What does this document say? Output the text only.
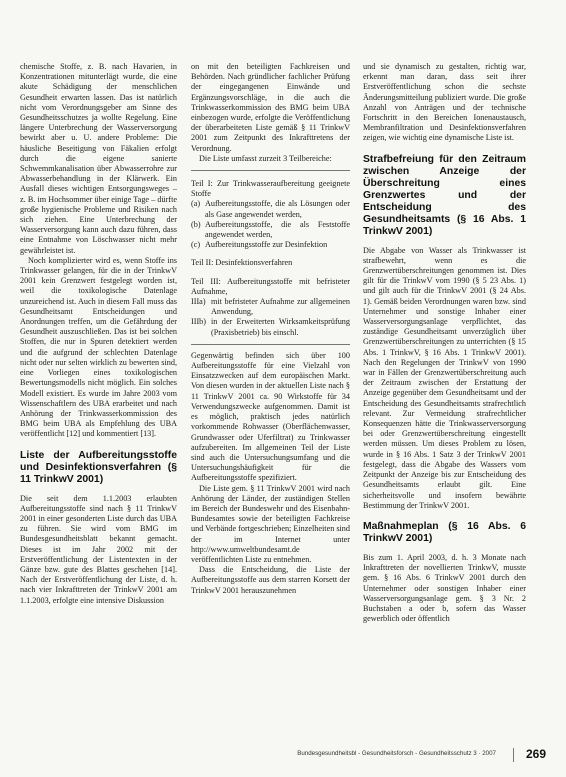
chemische Stoffe, z. B. nach Havarien, in Konzentrationen mitunterlägt wurde, die eine akute Schädigung der menschlichen Gesundheit erwarten lassen. Das ist natürlich nicht vom Verordnungsgeber am Sinne des Gesundheitsschutzes ja wollte Regelung. Eine längere Unterbrechung der Wasserversorgung bewirkt aber u. U. andere Probleme: Die häusliche Beseitigung von Fäkalien erfolgt durch die eigene sanierte Schwemmkanalisation über Abwasserrohre zur Abwasserbehandlung in der Klärwerk. Ein Ausfall dieses wichtigen Entsorgungsweges – z. B. im Hochsommer über einige Tage – dürfte große hygienische Probleme und Risiken nach sich ziehen. Eine Unterbrechung der Wasserversorgung kann auch dazu führen, dass eine Entnahme von Löschwasser nicht mehr gewährleistet ist.

Noch komplizierter wird es, wenn Stoffe ins Trinkwasser gelangen, für die in der TrinkwV 2001 kein Grenzwert festgelegt worden ist, weil die toxikologische Datenlage unzureichend ist. Auch in diesem Fall muss das Gesundheitsamt Entscheidungen und Anordnungen treffen, um die Gefährdung der Gesundheit auszuschließen. Das ist bei solchen Stoffen, die nur in Spuren detektiert werden und die aufgrund der schlechten Datenlage nicht oder nur selten wirklich zu bewerten sind, eine Vorliegen eines toxikologischen Bewertungsmodells nicht möglich. Ein solches Modell existiert. Es wurde im Jahre 2003 vom Wissenschaftlern des UBA erarbeitet und nach Anhörung der Trinkwasserkommission des BMG beim UBA als Empfehlung des UBA veröffentlicht [12] und kommentiert [13].

Liste der Aufbereitungsstoffe und Desinfektionsverfahren (§ 11 TrinkwV 2001)

Die seit dem 1.1.2003 erlaubten Aufbereitungsstoffe sind nach § 11 TrinkwV 2001 in einer gesonderten Liste durch das UBA zu führen. Sie wird vom BMG im Bundesgesundheitsblatt bekannt gemacht. Dieses ist im Jahr 2002 mit der Erstveröffentlichung der Listentexten in der Gänze bzw. gute des Blattes geschehen [14]. Nach der Erstveröffentlichung der Liste, d. h. nach vier Inkrafttreten der TrinkwV 2001 am 1.1.2003, erfolgte eine intensive Diskussion

on mit den beteiligten Fachkreisen und Behörden. Nach gründlicher fachlicher Prüfung der eingegangenen Einwände und Ergänzungsvorschläge, in die auch die Trinkwasserkommission des BMG beim UBA einbezogen wurde, erfolgte die Veröffentlichung der überarbeiteten Liste gemäß § 11 TrinkwV 2001 zum Zeitpunkt des Inkrafttretens der Verordnung.

Die Liste umfasst zurzeit 3 Teilbereiche:

Teil I: Zur Trinkwasseraufbereitung geeignete Stoffe

(a) Aufbereitungsstoffe, die als Lösungen oder als Gase angewendet werden,
(b) Aufbereitungsstoffe, die als Feststoffe angewendet werden,
(c) Aufbereitungsstoffe zur Desinfektion

Teil II: Desinfektionsverfahren

Teil III: Aufbereitungsstoffe mit befristeter Aufnahme,

IIIa) mit befristeter Aufnahme zur allgemeinen Anwendung,
IIIb) in der Erweiterten Wirksamkeitsprüfung (Praxisbetrieb) bis einschl.

Gegenwärtig befinden sich über 100 Aufbereitungsstoffe für eine Vielzahl von Einsatzzwecken auf dem europäischen Markt. Von diesen wurden in der aktuellen Liste nach § 11 TrinkwV 2001 ca. 90 Wirkstoffe für 34 Verwendungszwecke aufgenommen. Damit ist es möglich, praktisch jedes natürlich vorkommende Rohwasser (Oberflächenwasser, Grundwasser oder Uferfiltrat) zu Trinkwasser aufzubereiten. Im allgemeinen Teil der Liste sind auch die Untersuchungsumfang und die Untersuchungshäufigkeit für die Aufbereitungsstoffe spezifiziert.

Die Liste gem. § 11 TrinkwV 2001 wird nach Anhörung der Länder, der zuständigen Stellen im Bereich der Bundeswehr und des Eisenbahn-Bundesamtes sowie der beteiligten Fachkreise und Verbände fortgeschrieben; Einzelheiten sind der im Internet unter http://www.umweltbundesamt.de veröffentlichten Liste zu entnehmen.

Dass die Entscheidung, die Liste der Aufbereitungsstoffe aus dem starren Korsett der TrinkwV 2001 herauszunehmen

und sie dynamisch zu gestalten, richtig war, erkennt man daran, dass seit ihrer Erstveröffentlichung schon die sechste Änderungsmitteilung publiziert wurde. Die große Anzahl von Anträgen und der technische Fortschritt in den Bereichen Ionenaustausch, Membranfiltration und Desinfektionsverfahren zeigen, wie wichtig eine dynamische Liste ist.

Strafbefreiung für den Zeitraum zwischen Anzeige der Überschreitung eines Grenzwertes und der Entscheidung des Gesundheitsamts (§ 16 Abs. 1 TrinkwV 2001)

Die Abgabe von Wasser als Trinkwasser ist strafbewehrt, wenn es die Grenzwertüberschreitungen genommen ist. Dies gilt für die TrinkwV vom 1990 (§ 5 23 Abs. 1) und gilt auch für die TrinkwV 2001 (§ 24 Abs. 1). Gemäß beiden Verordnungen waren bzw. sind Unternehmer und sonstige Inhaber einer Wasserversorgungsanlage verpflichtet, das zuständige Gesundheitsamt unverzüglich über Grenzwertüberschreitungen zu unterrichten (§ 15 Abs. 1 TrinkwV, § 16 Abs. 1 TrinkwV 2001). Nach den Regelungen der TrinkwV von 1990 war in Fällen der Grenzwertüberschreitung auch der Zeitraum zwischen der Erstattung der Anzeige gegenüber dem Gesundheitsamt und der Entscheidung des Gesundheitsamts strafrechtlich relevant. Zur Vermeidung strafrechtlicher Konsequenzen hätte die Trinkwasserversorgung bei oder Grenzwertüberschreitung eingestellt werden müssen. Um dieses Problem zu lösen, wurde in § 16 Abs. 1 Satz 3 der TrinkwV 2001 festgelegt, dass die Abgabe des Wassers vom Zeitpunkt der Anzeige bis zur Entscheidung des Gesundheitsamts erlaubt gilt. Eine sicherheitsvolle und insofern bewährte Bestimmung der TrinkwV 2001.

Maßnahmeplan (§ 16 Abs. 6 TrinkwV 2001)

Bis zum 1. April 2003, d. h. 3 Monate nach Inkrafttreten der novellierten TrinkwV, musste gem. § 16 Abs. 6 TrinkwV 2001 durch den Unternehmer oder sonstigen Inhaber einer Wasserversorgungsanlage gem. § 3 Nr. 2 Buchstaben a oder b, sofern das Wasser gewerblich oder öffentlich

Bundesgesundheitsbl - Gesundheitsforsch - Gesundheitsschutz 3 · 2007 269
